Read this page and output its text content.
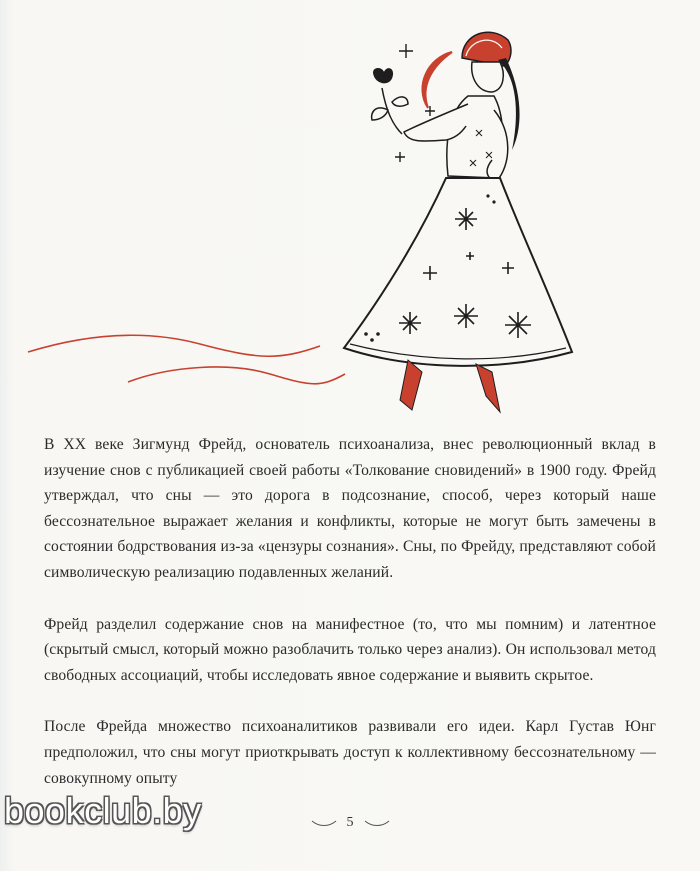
В XX веке Зигмунд Фрейд, основатель психоанализа, внес революционный вклад в изучение снов с публикацией своей работы «Толкование сновидений» в 1900 году. Фрейд утверждал, что сны — это дорога в подсознание, способ, через который наше бессознательное выражает желания и конфликты, которые не могут быть замечены в состоянии бодрствования из-за «цензуры сознания». Сны, по Фрейду, представляют собой символическую реализацию подавленных желаний.

Фрейд разделил содержание снов на манифестное (то, что мы помним) и латентное (скрытый смысл, который можно разоблачить только через анализ). Он использовал метод свободных ассоциаций, чтобы исследовать явное содержание и выявить скрытое.

После Фрейда множество психоаналитиков развивали его идеи. Карл Густав Юнг предположил, что сны могут приоткрывать доступ к коллективному бессознательному — совокупному опыту

5
bookclub.by
